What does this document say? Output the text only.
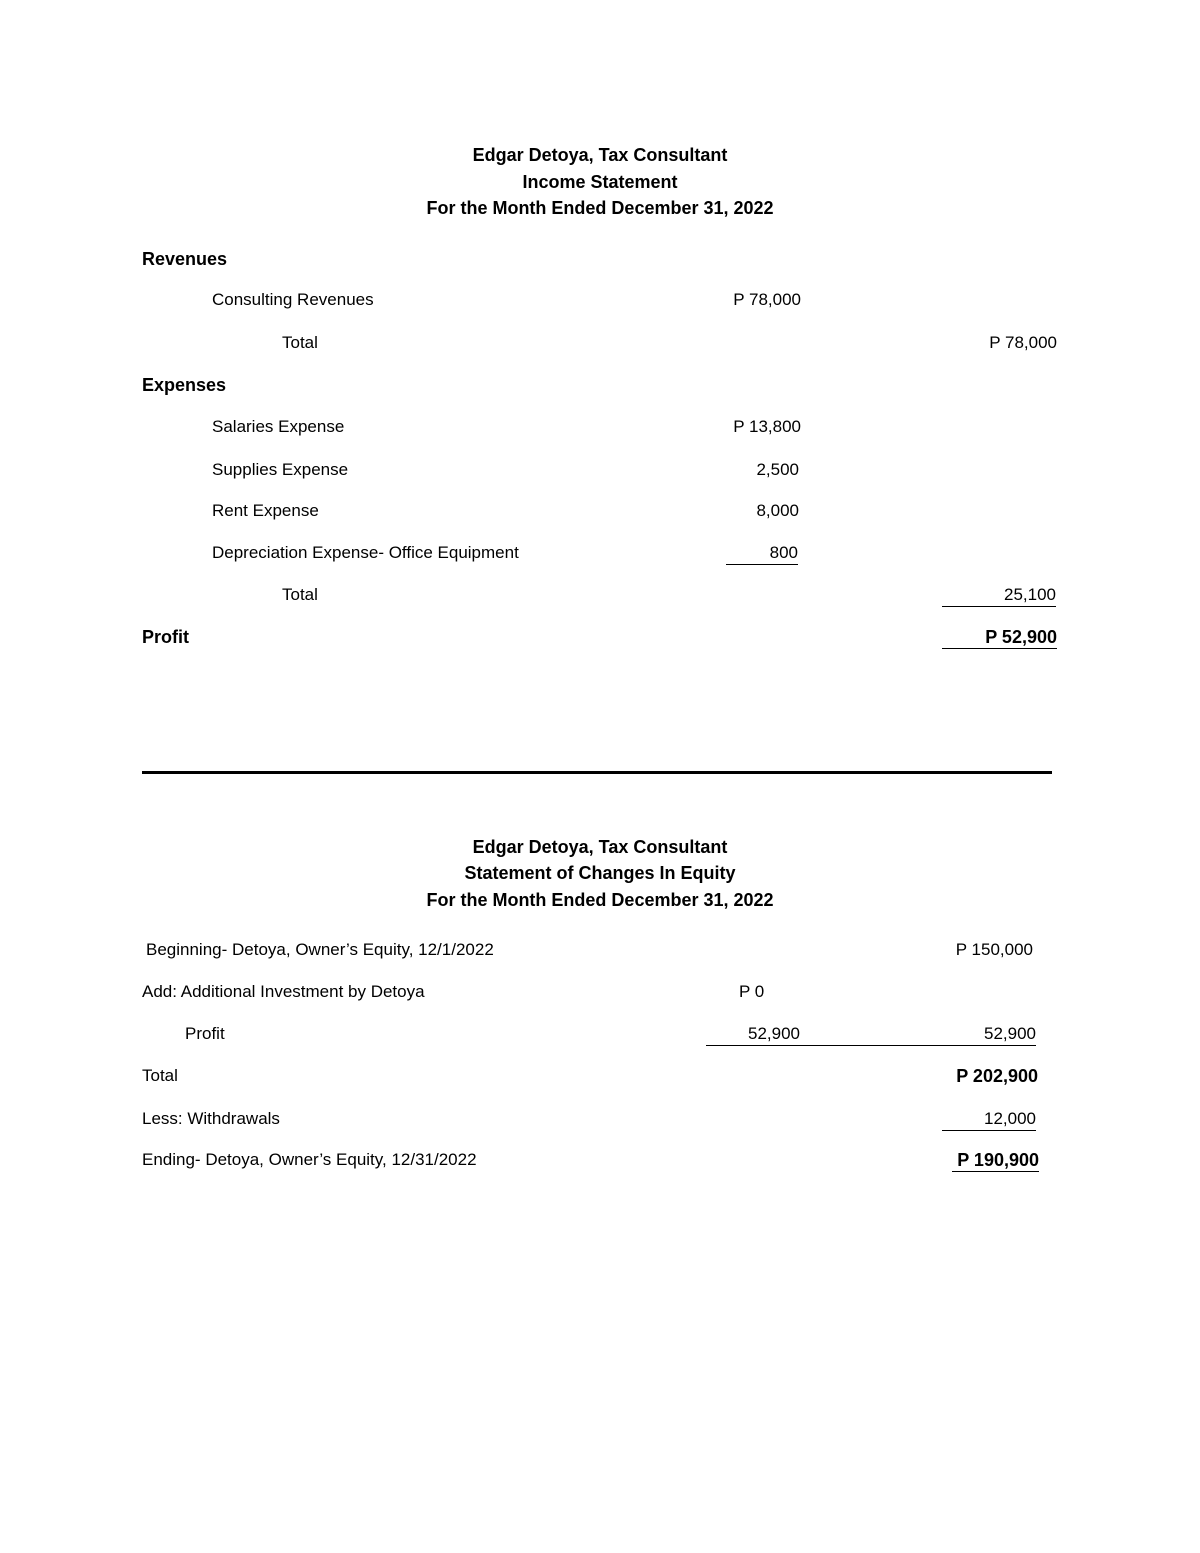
Edgar Detoya, Tax Consultant
Income Statement
For the Month Ended December 31, 2022
Revenues
Consulting Revenues	P 78,000
Total	P 78,000
Expenses
Salaries Expense	P 13,800
Supplies Expense	2,500
Rent Expense	8,000
Depreciation Expense- Office Equipment	800
Total	25,100
Profit	P 52,900
Edgar Detoya, Tax Consultant
Statement of Changes In Equity
For the Month Ended December 31, 2022
Beginning- Detoya, Owner’s Equity, 12/1/2022	P 150,000
Add: Additional Investment by Detoya	P 0
Profit	52,900	52,900
Total	P 202,900
Less: Withdrawals	12,000
Ending- Detoya, Owner’s Equity, 12/31/2022	P 190,900
